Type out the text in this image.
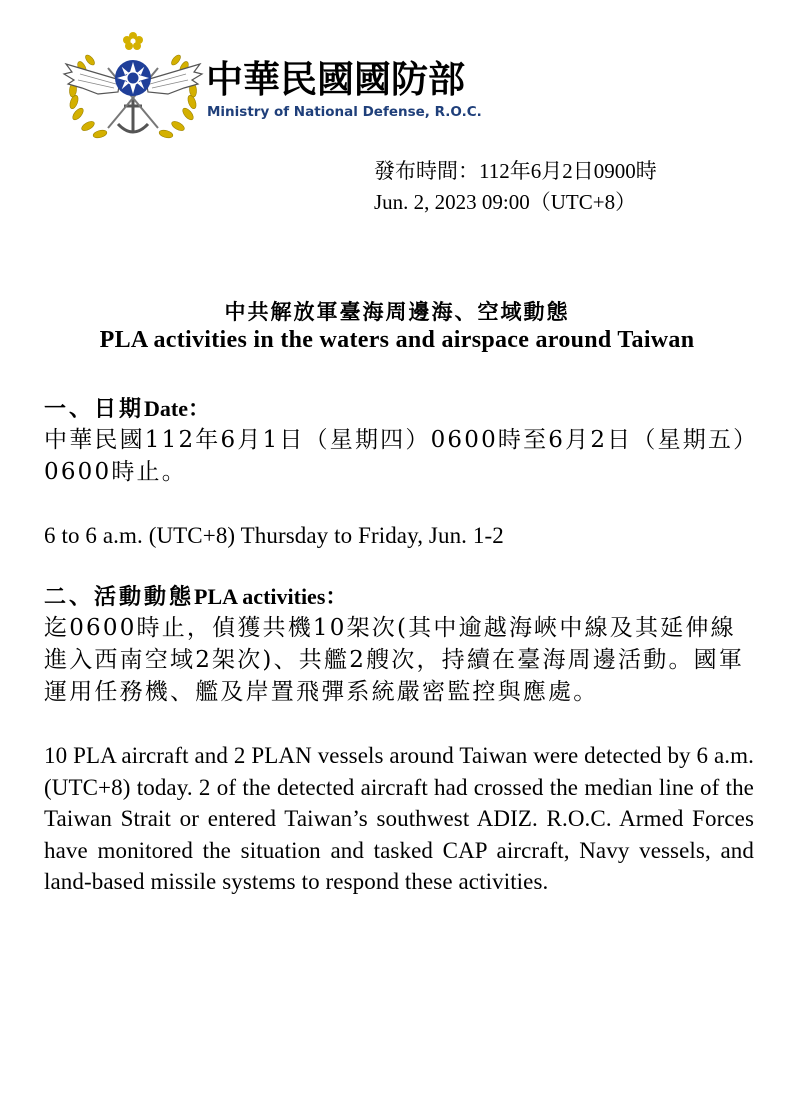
中華民國國防部
Ministry of National Defense, R.O.C.
發布時間：112年6月2日0900時
Jun. 2, 2023 09:00（UTC+8）
中共解放軍臺海周邊海、空域動態
PLA activities in the waters and airspace around Taiwan
一、日期Date：
中華民國112年6月1日（星期四）0600時至6月2日（星期五）0600時止。
6 to 6 a.m. (UTC+8) Thursday to Friday, Jun. 1-2
二、活動動態PLA activities：
迄0600時止，偵獲共機10架次(其中逾越海峽中線及其延伸線進入西南空域2架次)、共艦2艘次，持續在臺海周邊活動。國軍運用任務機、艦及岸置飛彈系統嚴密監控與應處。
10 PLA aircraft and 2 PLAN vessels around Taiwan were detected by 6 a.m.(UTC+8) today. 2 of the detected aircraft had crossed the median line of the Taiwan Strait or entered Taiwan’s southwest ADIZ. R.O.C. Armed Forces have monitored the situation and tasked CAP aircraft, Navy vessels, and land-based missile systems to respond these activities.
